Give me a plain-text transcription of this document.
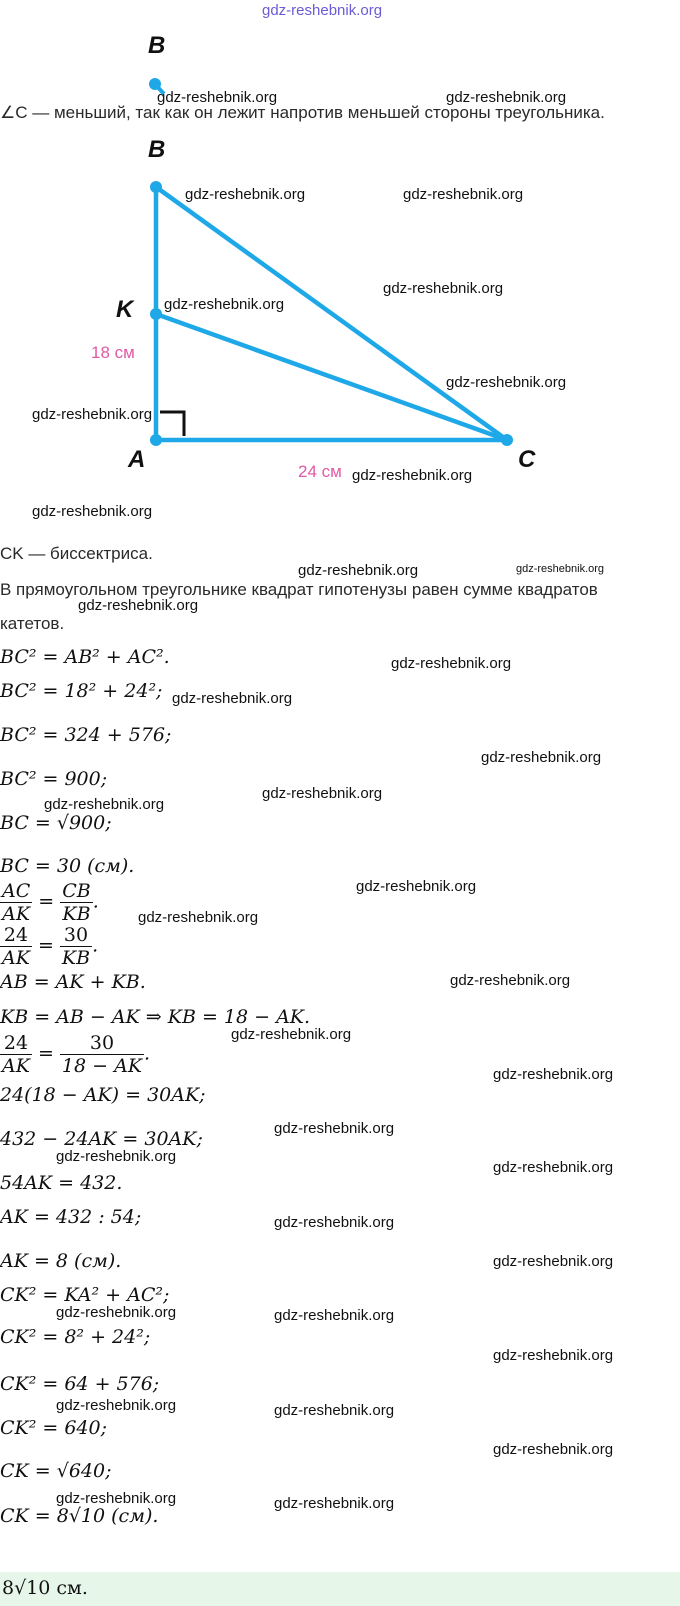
gdz-reshebnik.org
B
gdz-reshebnik.org	gdz-reshebnik.org
∠C — меньший, так как он лежит напротив меньшей стороны треугольника.
B
K
A	C
18 см
24 см
gdz-reshebnik.org	gdz-reshebnik.org
gdz-reshebnik.org
gdz-reshebnik.org
gdz-reshebnik.org
gdz-reshebnik.org
gdz-reshebnik.org
gdz-reshebnik.org
CK — биссектриса.
gdz-reshebnik.org	gdz-reshebnik.org
В прямоугольном треугольнике квадрат гипотенузы равен сумме квадратов
gdz-reshebnik.org
катетов.
BC² = AB² + AC².	gdz-reshebnik.org
BC² = 18² + 24²; gdz-reshebnik.org
BC² = 324 + 576;
gdz-reshebnik.org
BC² = 900;
gdz-reshebnik.org
gdz-reshebnik.org
BC = √900;
BC = 30 (см).
gdz-reshebnik.org
$\frac{AC}{AK} = \frac{CB}{KB}$ .
gdz-reshebnik.org
$\frac{24}{AK} = \frac{30}{KB}$ .
AB = AK + KB.	gdz-reshebnik.org
KB = AB − AK ⇒ KB = 18 − AK.
gdz-reshebnik.org
$\frac{24}{AK} = \frac{30}{18 - AK}$ .
gdz-reshebnik.org
24(18 − AK) = 30AK;
gdz-reshebnik.org
432 − 24AK = 30AK;
gdz-reshebnik.org
gdz-reshebnik.org
54AK = 432.
AK = 432 : 54;	gdz-reshebnik.org
AK = 8 (см).	gdz-reshebnik.org
CK² = KA² + AC²;
gdz-reshebnik.org	gdz-reshebnik.org
CK² = 8² + 24²;
gdz-reshebnik.org
CK² = 64 + 576;
gdz-reshebnik.org	gdz-reshebnik.org
CK² = 640;
gdz-reshebnik.org
CK = √640;
gdz-reshebnik.org	gdz-reshebnik.org
CK = 8√10 (см).
8√10 см.
